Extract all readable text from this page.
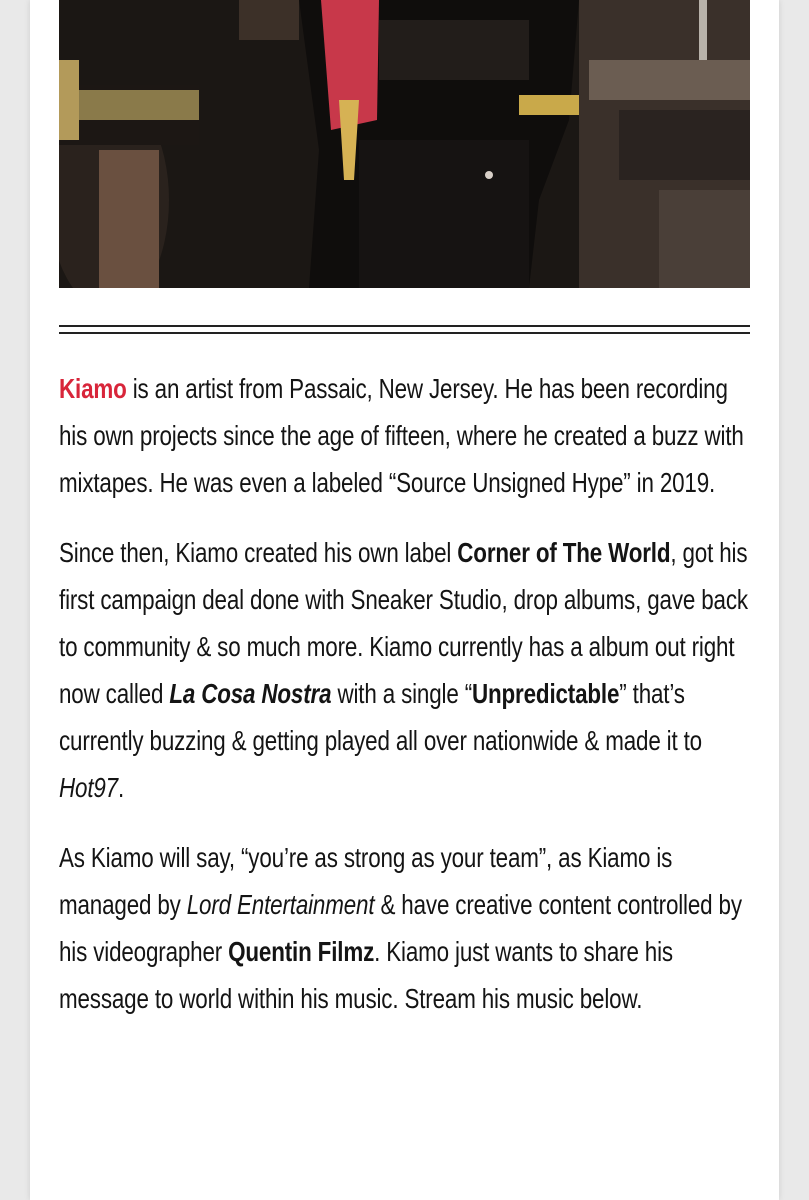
Kiamo is an artist from Passaic, New Jersey. He has been recording his own projects since the age of fifteen, where he created a buzz with mixtapes. He was even a labeled “Source Unsigned Hype” in 2019.

Since then, Kiamo created his own label Corner of The World, got his first campaign deal done with Sneaker Studio, drop albums, gave back to community & so much more. Kiamo currently has a album out right now called La Cosa Nostra with a single “Unpredictable” that’s currently buzzing & getting played all over nationwide & made it to Hot97.

As Kiamo will say, “you’re as strong as your team”, as Kiamo is managed by Lord Entertainment & have creative content controlled by his videographer Quentin Filmz. Kiamo just wants to share his message to world within his music. Stream his music below.
